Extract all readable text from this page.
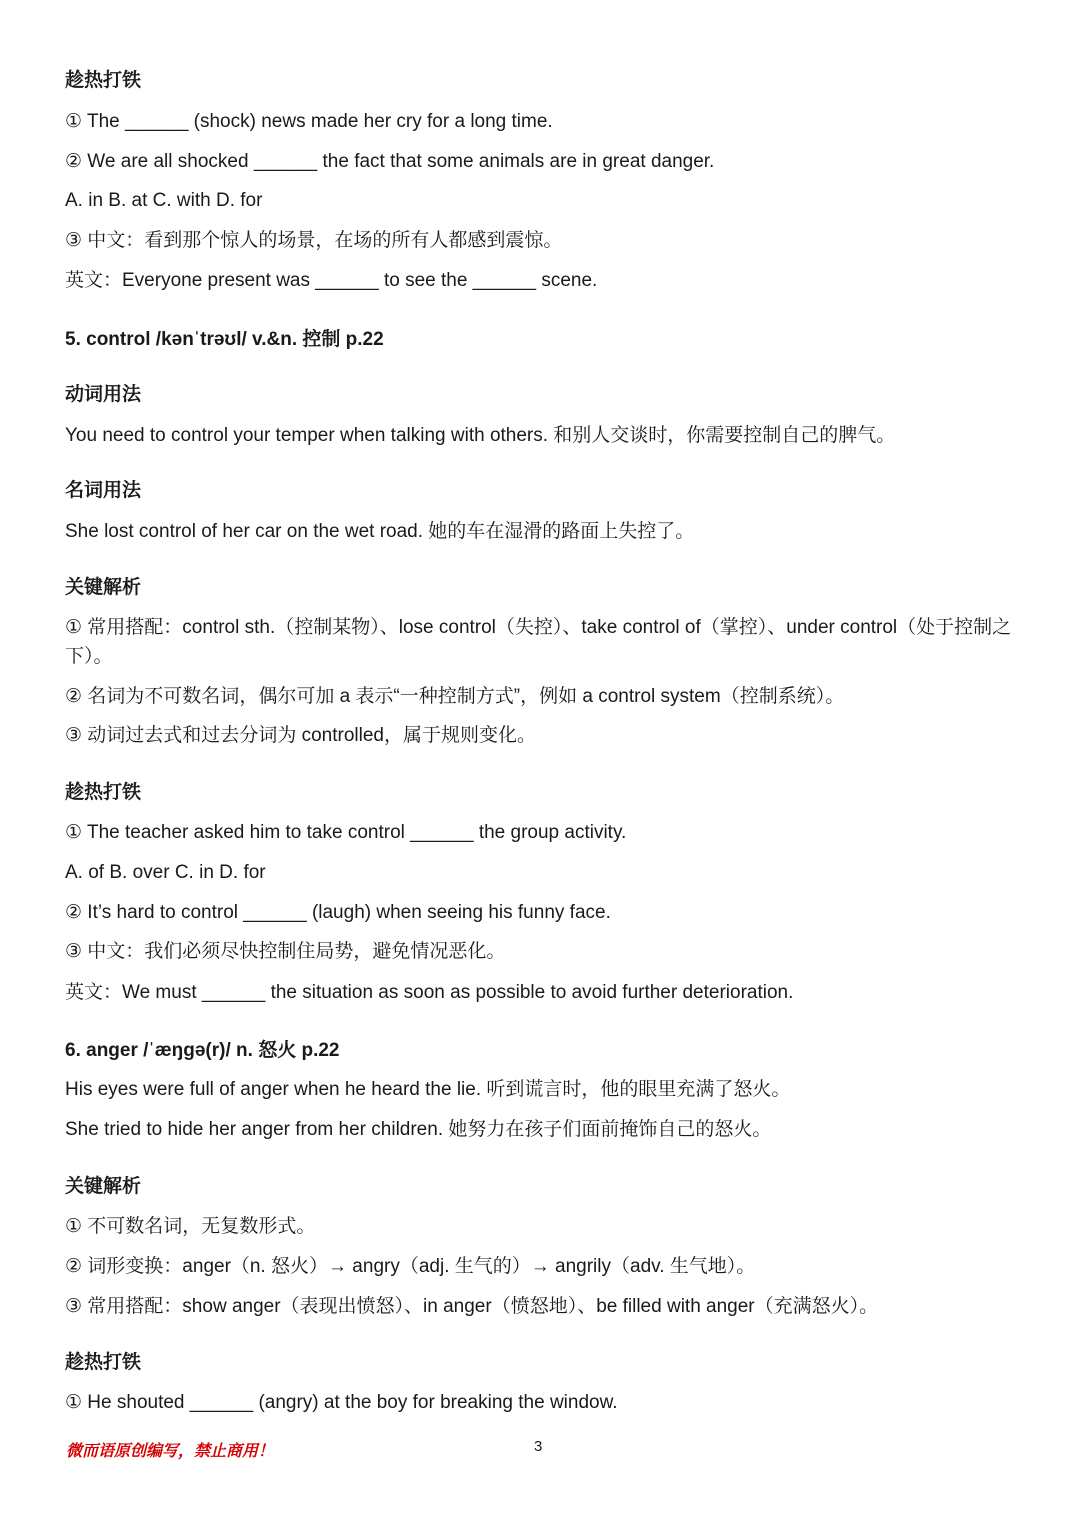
趁热打铁
① The ______ (shock) news made her cry for a long time.
② We are all shocked ______ the fact that some animals are in great danger.
A. in B. at C. with D. for
③ 中文：看到那个惊人的场景，在场的所有人都感到震惊。
英文：Everyone present was ______ to see the ______ scene.
5. control /kənˈtrəʊl/ v.&n. 控制 p.22
动词用法
You need to control your temper when talking with others. 和别人交谈时，你需要控制自己的脾气。
名词用法
She lost control of her car on the wet road. 她的车在湿滑的路面上失控了。
关键解析
① 常用搭配：control sth.（控制某物）、lose control（失控）、take control of（掌控）、under control（处于控制之下）。
② 名词为不可数名词，偶尔可加 a 表示“一种控制方式”，例如 a control system（控制系统）。
③ 动词过去式和过去分词为 controlled，属于规则变化。
趁热打铁
① The teacher asked him to take control ______ the group activity.
A. of B. over C. in D. for
② It’s hard to control ______ (laugh) when seeing his funny face.
③ 中文：我们必须尽快控制住局势，避免情况恶化。
英文：We must ______ the situation as soon as possible to avoid further deterioration.
6. anger /ˈæŋɡə(r)/ n. 怒火 p.22
His eyes were full of anger when he heard the lie. 听到谎言时，他的眼里充满了怒火。
She tried to hide her anger from her children. 她努力在孩子们面前掩饰自己的怒火。
关键解析
① 不可数名词，无复数形式。
② 词形变换：anger（n. 怒火）→ angry（adj. 生气的）→ angrily（adv. 生气地）。
③ 常用搭配：show anger（表现出愤怒）、in anger（愤怒地）、be filled with anger（充满怒火）。
趁热打铁
① He shouted ______ (angry) at the boy for breaking the window.
微而语原创编写，禁止商用！	3
